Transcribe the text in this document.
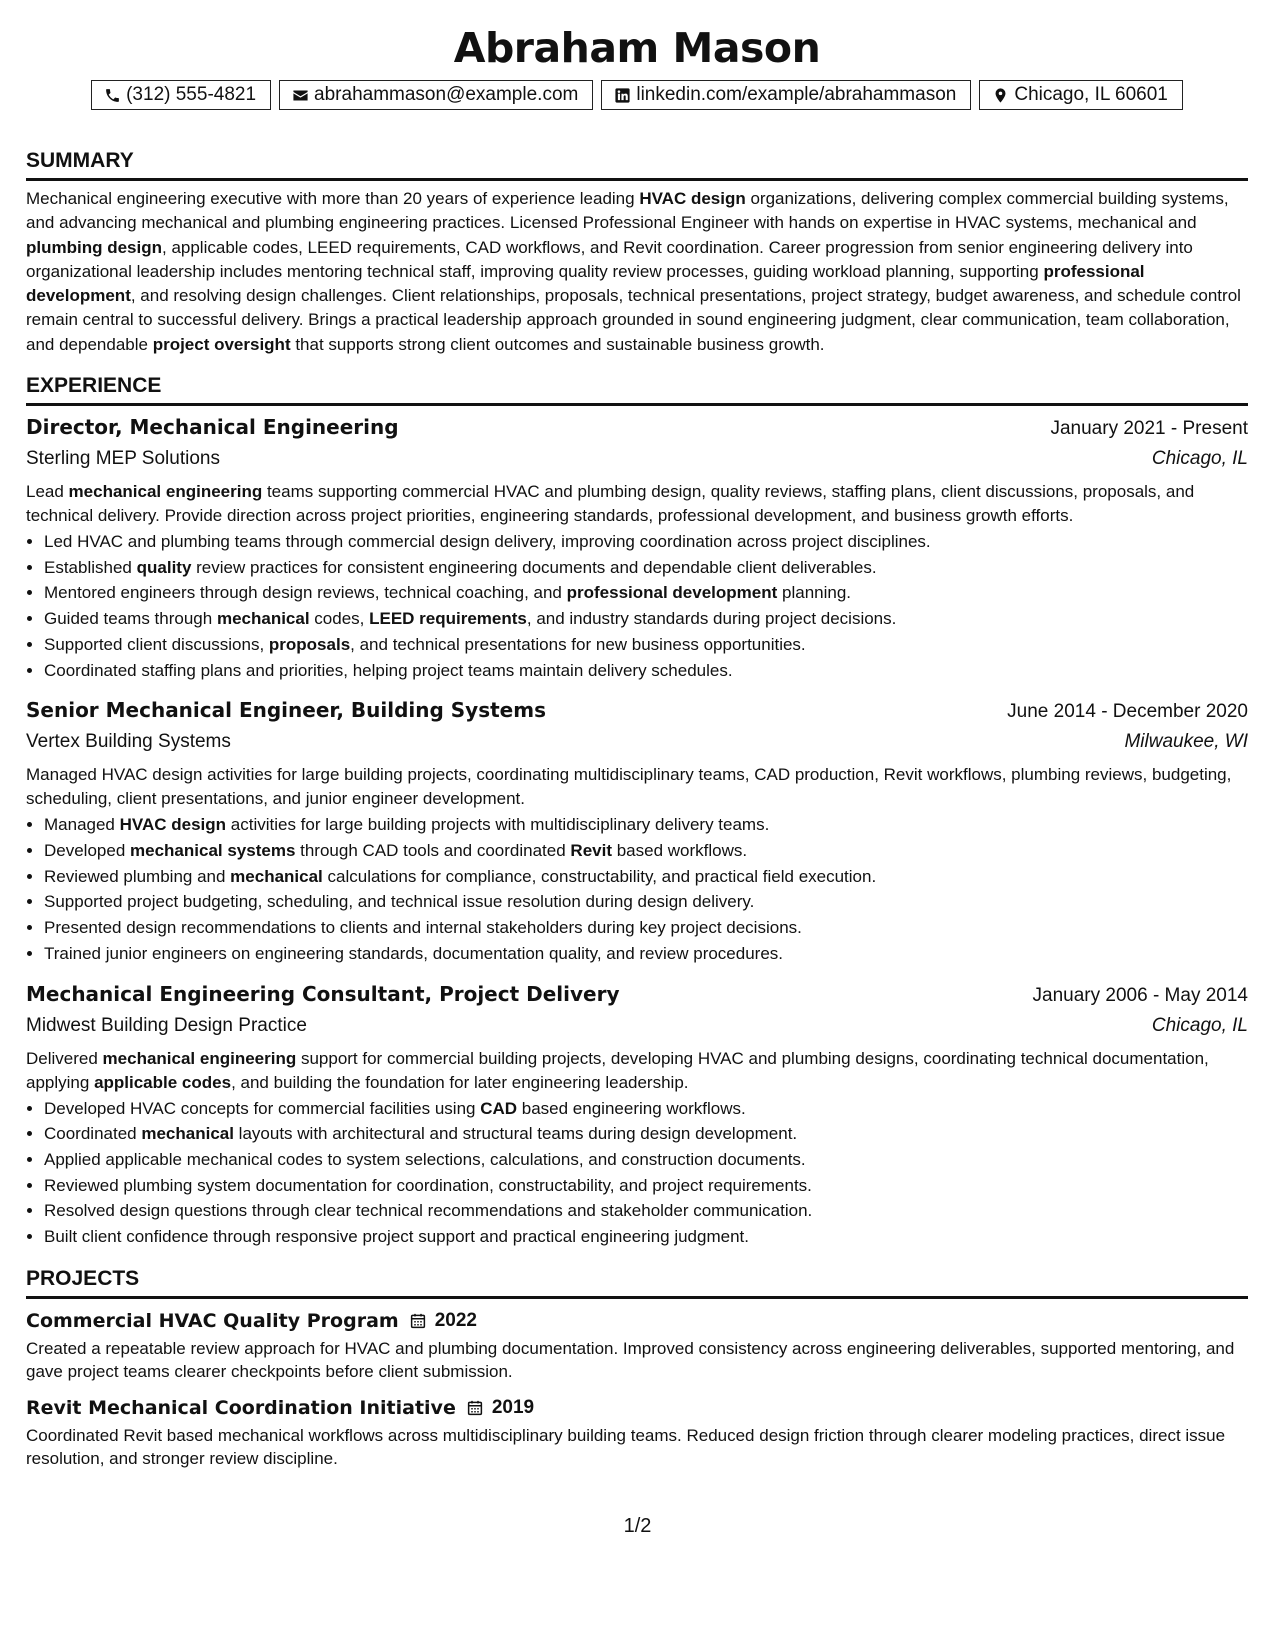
Abraham Mason
(312) 555-4821	abrahammason@example.com	linkedin.com/example/abrahammason	Chicago, IL 60601
SUMMARY

Mechanical engineering executive with more than 20 years of experience leading HVAC design organizations, delivering complex commercial building systems, and advancing mechanical and plumbing engineering practices. Licensed Professional Engineer with hands on expertise in HVAC systems, mechanical and plumbing design, applicable codes, LEED requirements, CAD workflows, and Revit coordination. Career progression from senior engineering delivery into organizational leadership includes mentoring technical staff, improving quality review processes, guiding workload planning, supporting professional development, and resolving design challenges. Client relationships, proposals, technical presentations, project strategy, budget awareness, and schedule control remain central to successful delivery. Brings a practical leadership approach grounded in sound engineering judgment, clear communication, team collaboration, and dependable project oversight that supports strong client outcomes and sustainable business growth.

EXPERIENCE
Director, Mechanical Engineering	January 2021 - Present
Sterling MEP Solutions	Chicago, IL

Lead mechanical engineering teams supporting commercial HVAC and plumbing design, quality reviews, staffing plans, client discussions, proposals, and technical delivery. Provide direction across project priorities, engineering standards, professional development, and business growth efforts.

• Led HVAC and plumbing teams through commercial design delivery, improving coordination across project disciplines.
• Established quality review practices for consistent engineering documents and dependable client deliverables.
• Mentored engineers through design reviews, technical coaching, and professional development planning.
• Guided teams through mechanical codes, LEED requirements, and industry standards during project decisions.
• Supported client discussions, proposals, and technical presentations for new business opportunities.
• Coordinated staffing plans and priorities, helping project teams maintain delivery schedules.
Senior Mechanical Engineer, Building Systems	June 2014 - December 2020
Vertex Building Systems	Milwaukee, WI

Managed HVAC design activities for large building projects, coordinating multidisciplinary teams, CAD production, Revit workflows, plumbing reviews, budgeting, scheduling, client presentations, and junior engineer development.

• Managed HVAC design activities for large building projects with multidisciplinary delivery teams.
• Developed mechanical systems through CAD tools and coordinated Revit based workflows.
• Reviewed plumbing and mechanical calculations for compliance, constructability, and practical field execution.
• Supported project budgeting, scheduling, and technical issue resolution during design delivery.
• Presented design recommendations to clients and internal stakeholders during key project decisions.
• Trained junior engineers on engineering standards, documentation quality, and review procedures.
Mechanical Engineering Consultant, Project Delivery	January 2006 - May 2014
Midwest Building Design Practice	Chicago, IL

Delivered mechanical engineering support for commercial building projects, developing HVAC and plumbing designs, coordinating technical documentation, applying applicable codes, and building the foundation for later engineering leadership.

• Developed HVAC concepts for commercial facilities using CAD based engineering workflows.
• Coordinated mechanical layouts with architectural and structural teams during design development.
• Applied applicable mechanical codes to system selections, calculations, and construction documents.
• Reviewed plumbing system documentation for coordination, constructability, and project requirements.
• Resolved design questions through clear technical recommendations and stakeholder communication.
• Built client confidence through responsive project support and practical engineering judgment.
PROJECTS
Commercial HVAC Quality Program 2022

Created a repeatable review approach for HVAC and plumbing documentation. Improved consistency across engineering deliverables, supported mentoring, and gave project teams clearer checkpoints before client submission.

Revit Mechanical Coordination Initiative 2019

Coordinated Revit based mechanical workflows across multidisciplinary building teams. Reduced design friction through clearer modeling practices, direct issue resolution, and stronger review discipline.

1/2
